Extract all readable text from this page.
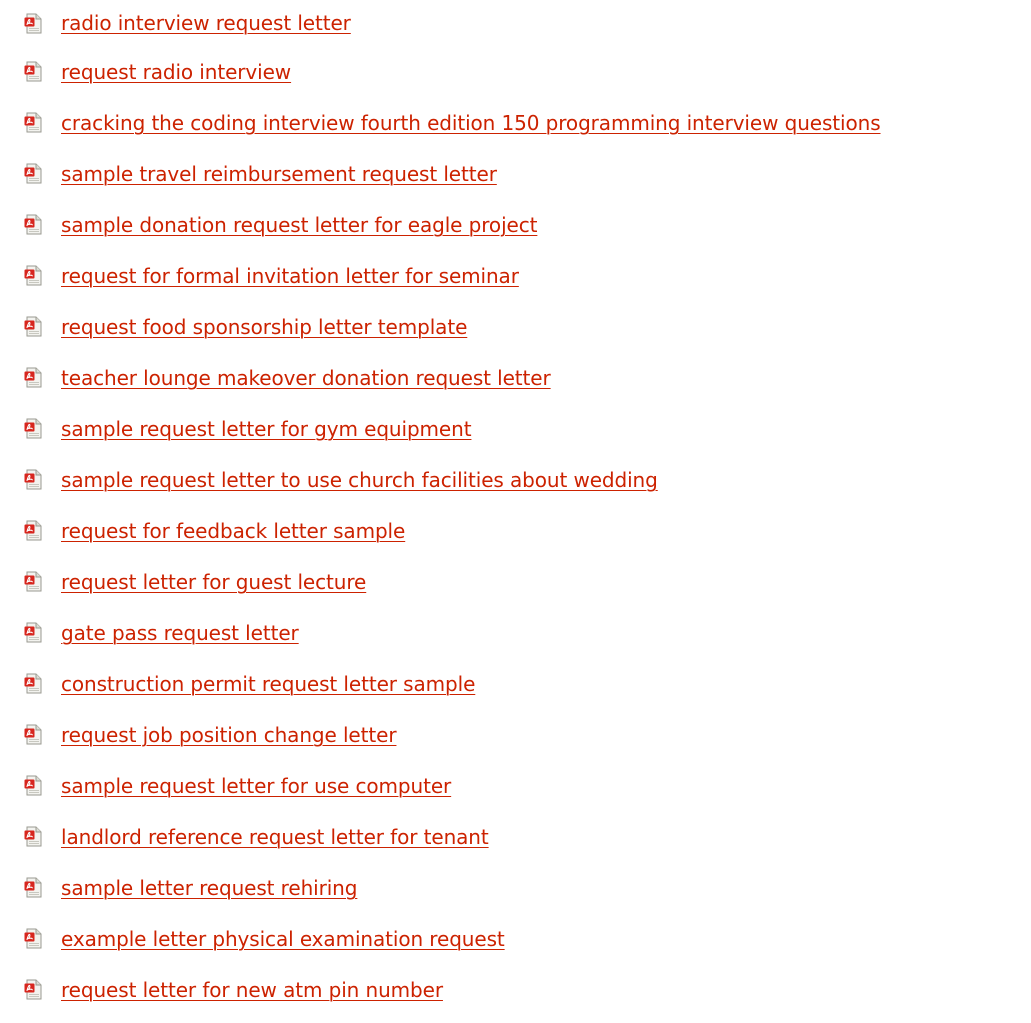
radio interview request letter
request radio interview
cracking the coding interview fourth edition 150 programming interview questions
sample travel reimbursement request letter
sample donation request letter for eagle project
request for formal invitation letter for seminar
request food sponsorship letter template
teacher lounge makeover donation request letter
sample request letter for gym equipment
sample request letter to use church facilities about wedding
request for feedback letter sample
request letter for guest lecture
gate pass request letter
construction permit request letter sample
request job position change letter
sample request letter for use computer
landlord reference request letter for tenant
sample letter request rehiring
example letter physical examination request
request letter for new atm pin number
